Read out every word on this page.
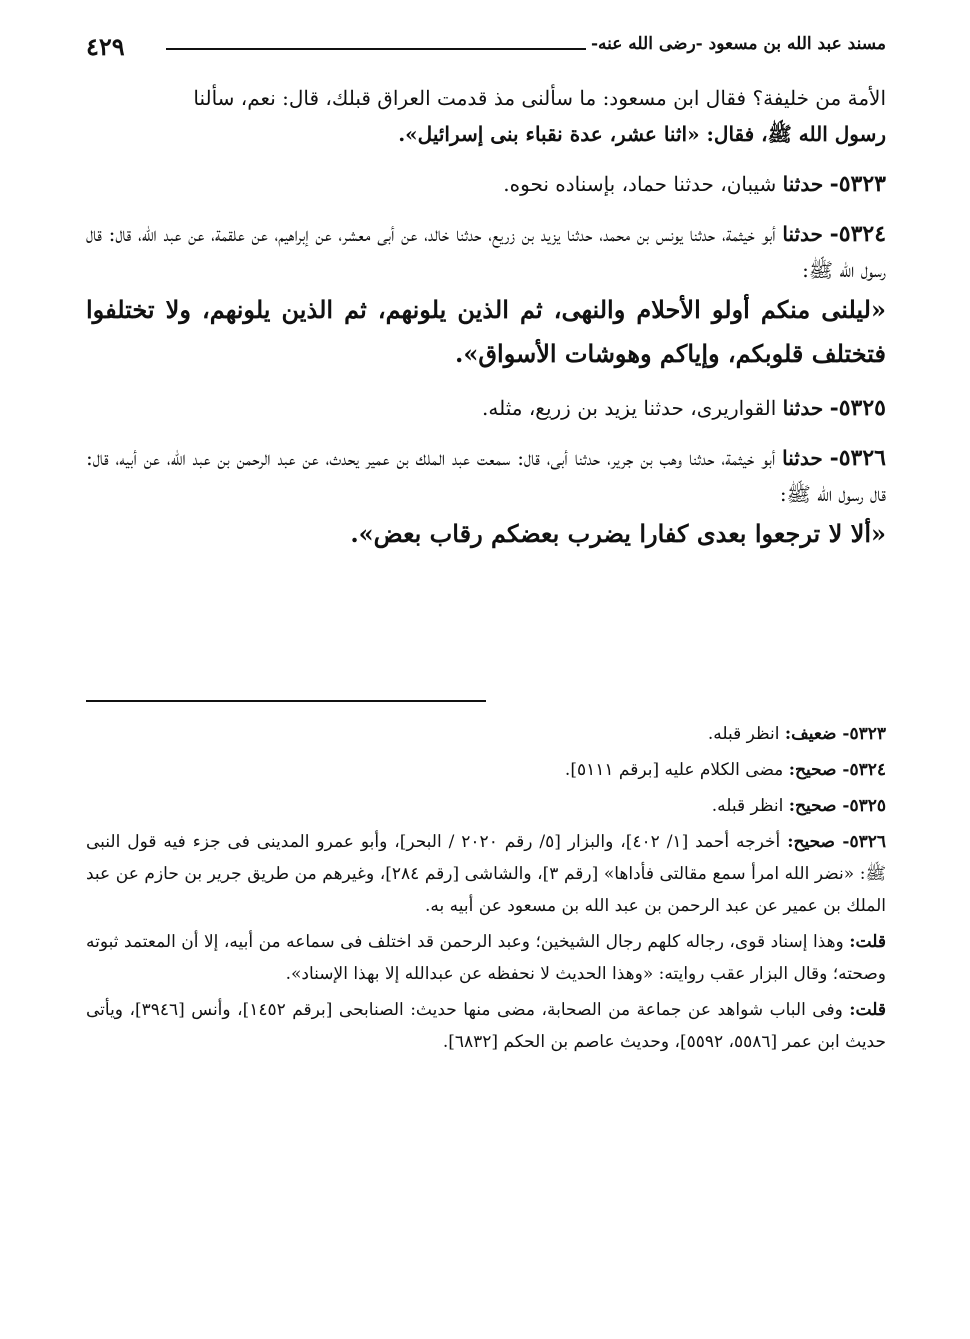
٤٢٩	مسند عبد الله بن مسعود -رضى الله عنه-

الأمة من خليفة؟ فقال ابن مسعود: ما سألنى مذ قدمت العراق قبلك، قال: نعم، سألنا
رسول الله ﷺ، فقال: «اثنا عشر، عدة نقباء بنى إسرائيل».

٥٣٢٣- حدثنا شيبان، حدثنا حماد، بإسناده نحوه.

٥٣٢٤- حدثنا أبو خيثمة، حدثنا يونس بن محمد، حدثنا يزيد بن زريع، حدثنا خالد، عن أبى معشر، عن إبراهيم، عن علقمة، عن عبد الله، قال: قال رسول الله ﷺ:

«ليلنى منكم أولو الأحلام والنهى، ثم الذين يلونهم، ثم الذين يلونهم، ولا تختلفوا فتختلف قلوبكم، وإياكم وهوشات الأسواق».

٥٣٢٥- حدثنا القواريرى، حدثنا يزيد بن زريع، مثله.

٥٣٢٦- حدثنا أبو خيثمة، حدثنا وهب بن جرير، حدثنا أبى، قال: سمعت عبد الملك بن عمير يحدث، عن عبد الرحمن بن عبد الله، عن أبيه، قال: قال رسول الله ﷺ:

«ألا لا ترجعوا بعدى كفارا يضرب بعضكم رقاب بعض».

٥٣٢٣- ضعيف: انظر قبله.

٥٣٢٤- صحيح: مضى الكلام عليه [برقم ٥١١١].

٥٣٢٥- صحيح: انظر قبله.

٥٣٢٦- صحيح: أخرجه أحمد [١/ ٤٠٢]، والبزار [٥/ رقم ٢٠٢٠ / البحر]، وأبو عمرو المدينى فى جزء فيه قول النبى ﷺ: «نضر الله امرأ سمع مقالتى فأداها» [رقم ٣]، والشاشى [رقم ٢٨٤]، وغيرهم من طريق جرير بن حازم عن عبد الملك بن عمير عن عبد الرحمن بن عبد الله بن مسعود عن أبيه به.

قلت: وهذا إسناد قوى، رجاله كلهم رجال الشيخين؛ وعبد الرحمن قد اختلف فى سماعه من أبيه، إلا أن المعتمد ثبوته وصحته؛ وقال البزار عقب روايته: «وهذا الحديث لا نحفظه عن عبدالله إلا بهذا الإسناد».

قلت: وفى الباب شواهد عن جماعة من الصحابة، مضى منها حديث: الصنابحى [برقم ١٤٥٢]، وأنس [٣٩٤٦]، ويأتى حديث ابن عمر [٥٥٨٦، ٥٥٩٢]، وحديث عاصم بن الحكم [٦٨٣٢].
